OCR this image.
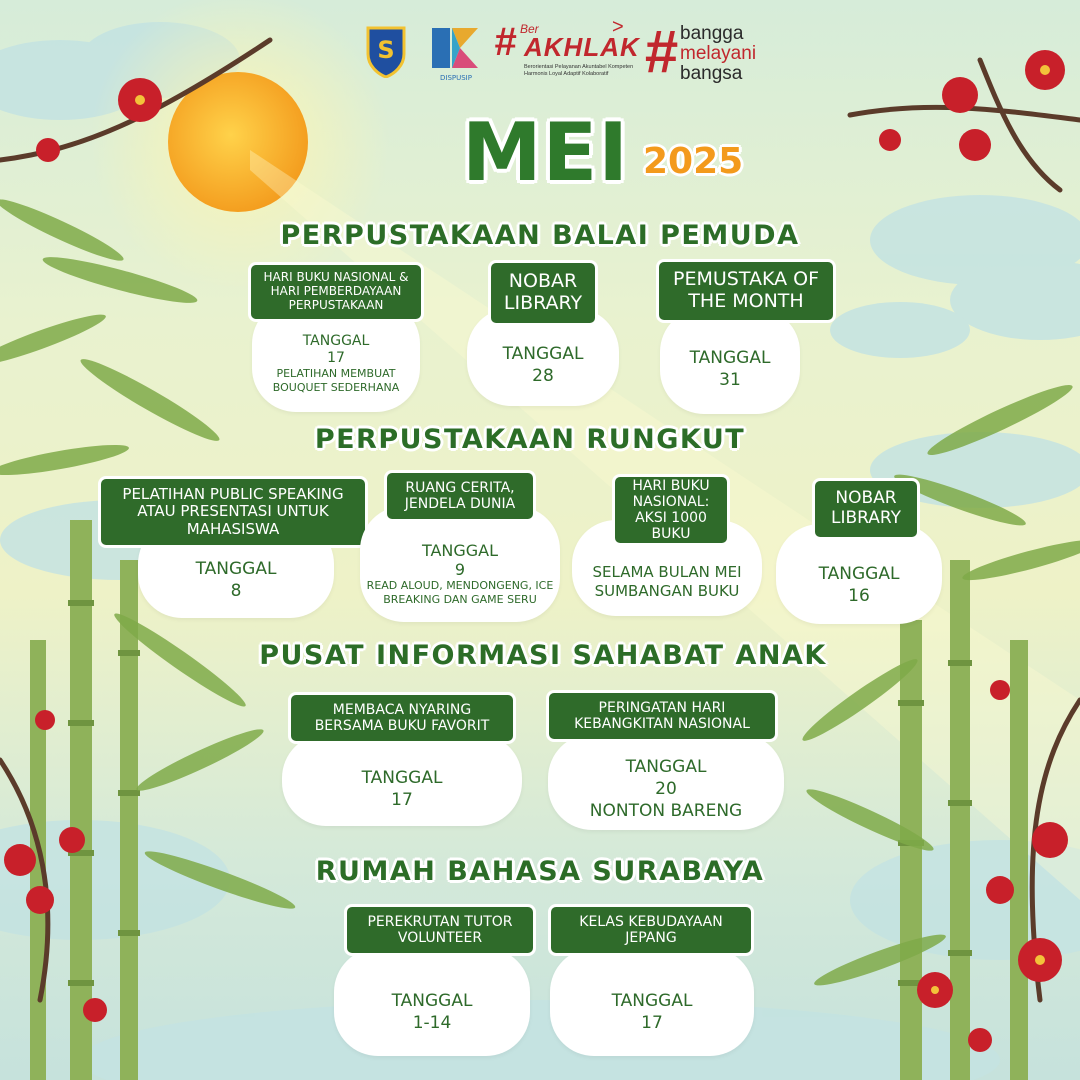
S
DISPUSIP
# Ber
AKHLAK
>
Berorientasi Pelayanan Akuntabel Kompeten Harmonis Loyal Adaptif Kolaboratif # bangga
melayani
bangsa
MEI 2025
PERPUSTAKAAN BALAI PEMUDA
TANGGAL
17
PELATIHAN MEMBUAT BOUQUET SEDERHANA
HARI BUKU NASIONAL & HARI PEMBERDAYAAN PERPUSTAKAAN
TANGGAL
28
NOBAR LIBRARY
TANGGAL
31
PEMUSTAKA OF THE MONTH
PERPUSTAKAAN RUNGKUT
TANGGAL
8
PELATIHAN PUBLIC SPEAKING ATAU PRESENTASI UNTUK MAHASISWA
TANGGAL
9
READ ALOUD, MENDONGENG, ICE BREAKING DAN GAME SERU
RUANG CERITA, JENDELA DUNIA
SELAMA BULAN MEI
SUMBANGAN BUKU
HARI BUKU NASIONAL: AKSI 1000 BUKU
TANGGAL
16
NOBAR LIBRARY
PUSAT INFORMASI SAHABAT ANAK
TANGGAL
17
MEMBACA NYARING BERSAMA BUKU FAVORIT
TANGGAL
20
NONTON BARENG
PERINGATAN HARI KEBANGKITAN NASIONAL
RUMAH BAHASA SURABAYA
TANGGAL
1-14
PEREKRUTAN TUTOR VOLUNTEER
TANGGAL
17
KELAS KEBUDAYAAN JEPANG
